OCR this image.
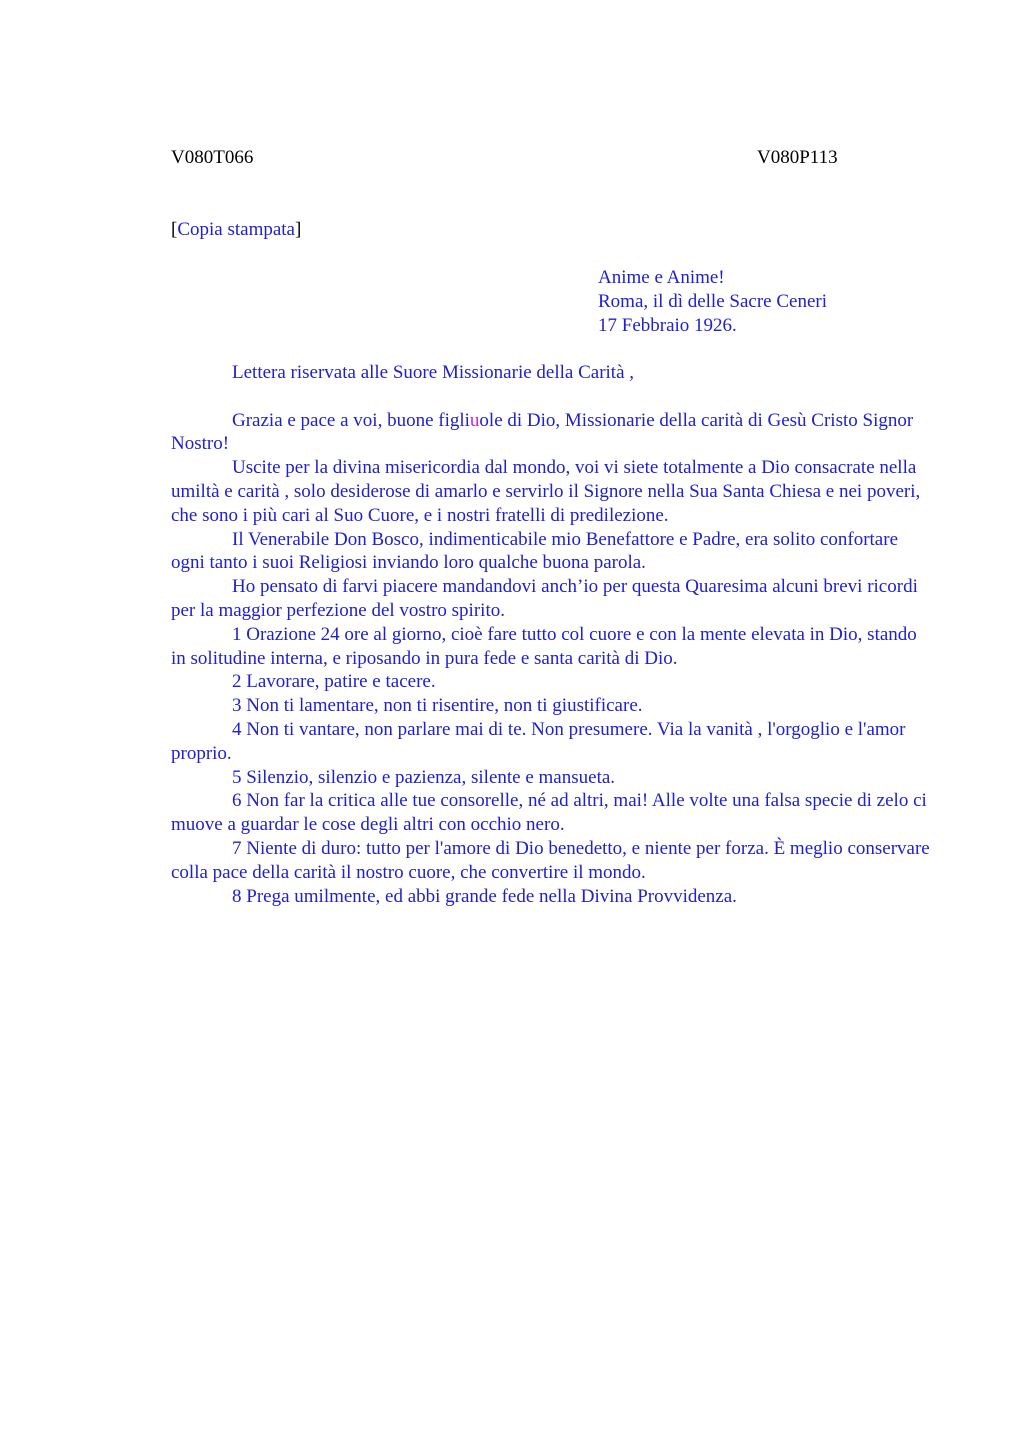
V080T066	V080P113
[Copia stampata]
Anime e Anime!
Roma, il dì delle Sacre Ceneri
17 Febbraio 1926.

Lettera riservata alle Suore Missionarie della Carità ,

Grazia e pace a voi, buone figliuole di Dio, Missionarie della carità di Gesù Cristo Signor Nostro!

Uscite per la divina misericordia dal mondo, voi vi siete totalmente a Dio consacrate nella umiltà e carità , solo desiderose di amarlo e servirlo il Signore nella Sua Santa Chiesa e nei poveri, che sono i più cari al Suo Cuore, e i nostri fratelli di predilezione.

Il Venerabile Don Bosco, indimenticabile mio Benefattore e Padre, era solito confortare ogni tanto i suoi Religiosi inviando loro qualche buona parola.

Ho pensato di farvi piacere mandandovi anch’io per questa Quaresima alcuni brevi ricordi per la maggior perfezione del vostro spirito.

1 Orazione 24 ore al giorno, cioè fare tutto col cuore e con la mente elevata in Dio, stando in solitudine interna, e riposando in pura fede e santa carità di Dio.

2 Lavorare, patire e tacere.

3 Non ti lamentare, non ti risentire, non ti giustificare.

4 Non ti vantare, non parlare mai di te. Non presumere. Via la vanità , l'orgoglio e l'amor proprio.

5 Silenzio, silenzio e pazienza, silente e mansueta.

6 Non far la critica alle tue consorelle, né ad altri, mai! Alle volte una falsa specie di zelo ci muove a guardar le cose degli altri con occhio nero.

7 Niente di duro: tutto per l'amore di Dio benedetto, e niente per forza. È meglio conservare colla pace della carità il nostro cuore, che convertire il mondo.

8 Prega umilmente, ed abbi grande fede nella Divina Provvidenza.
